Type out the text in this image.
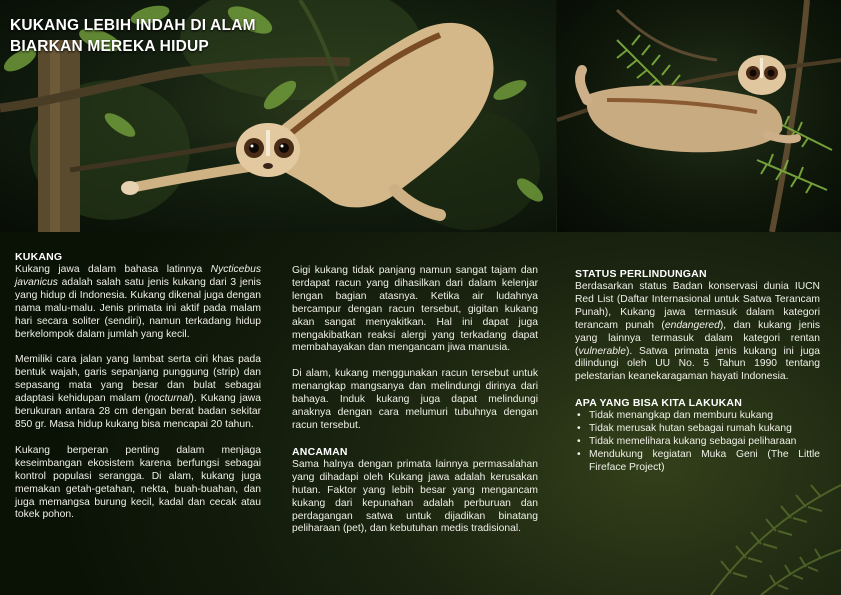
KUKANG LEBIH INDAH DI ALAM
BIARKAN MEREKA HIDUP
KUKANG

Kukang jawa dalam bahasa latinnya Nycticebus javanicus adalah salah satu jenis kukang dari 3 jenis yang hidup di Indonesia. Kukang dikenal juga dengan nama malu-malu. Jenis primata ini aktif pada malam hari secara soliter (sendiri), namun terkadang hidup berkelompok dalam jumlah yang kecil.

Memiliki cara jalan yang lambat serta ciri khas pada bentuk wajah, garis sepanjang punggung (strip) dan sepasang mata yang besar dan bulat sebagai adaptasi kehidupan malam (nocturnal). Kukang jawa berukuran antara 28 cm dengan berat badan sekitar 850 gr. Masa hidup kukang bisa mencapai 20 tahun.

Kukang berperan penting dalam menjaga keseimbangan ekosistem karena berfungsi sebagai kontrol populasi serangga. Di alam, kukang juga memakan getah-getahan, nekta, buah-buahan, dan juga memangsa burung kecil, kadal dan cecak atau tokek pohon.

Gigi kukang tidak panjang namun sangat tajam dan terdapat racun yang dihasilkan dari dalam kelenjar lengan bagian atasnya. Ketika air ludahnya bercampur dengan racun tersebut, gigitan kukang akan sangat menyakitkan. Hal ini dapat juga mengakibatkan reaksi alergi yang terkadang dapat membahayakan dan mengancam jiwa manusia.

Di alam, kukang menggunakan racun tersebut untuk menangkap mangsanya dan melindungi dirinya dari bahaya. Induk kukang juga dapat melindungi anaknya dengan cara melumuri tubuhnya dengan racun tersebut.

ANCAMAN

Sama halnya dengan primata lainnya permasalahan yang dihadapi oleh Kukang jawa adalah kerusakan hutan. Faktor yang lebih besar yang mengancam kukang dari kepunahan adalah perburuan dan perdagangan satwa untuk dijadikan binatang peliharaan (pet), dan kebutuhan medis tradisional.

STATUS PERLINDUNGAN

Berdasarkan status Badan konservasi dunia IUCN Red List (Daftar Internasional untuk Satwa Terancam Punah), Kukang jawa termasuk dalam kategori terancam punah (endangered), dan kukang jenis yang lainnya termasuk dalam kategori rentan (vulnerable). Satwa primata jenis kukang ini juga dilindungi oleh UU No. 5 Tahun 1990 tentang pelestarian keanekaragaman hayati Indonesia.

APA YANG BISA KITA LAKUKAN
• Tidak menangkap dan memburu kukang
• Tidak merusak hutan sebagai rumah kukang
• Tidak memelihara kukang sebagai peliharaan
• Mendukung kegiatan Muka Geni (The Little Fireface Project)
